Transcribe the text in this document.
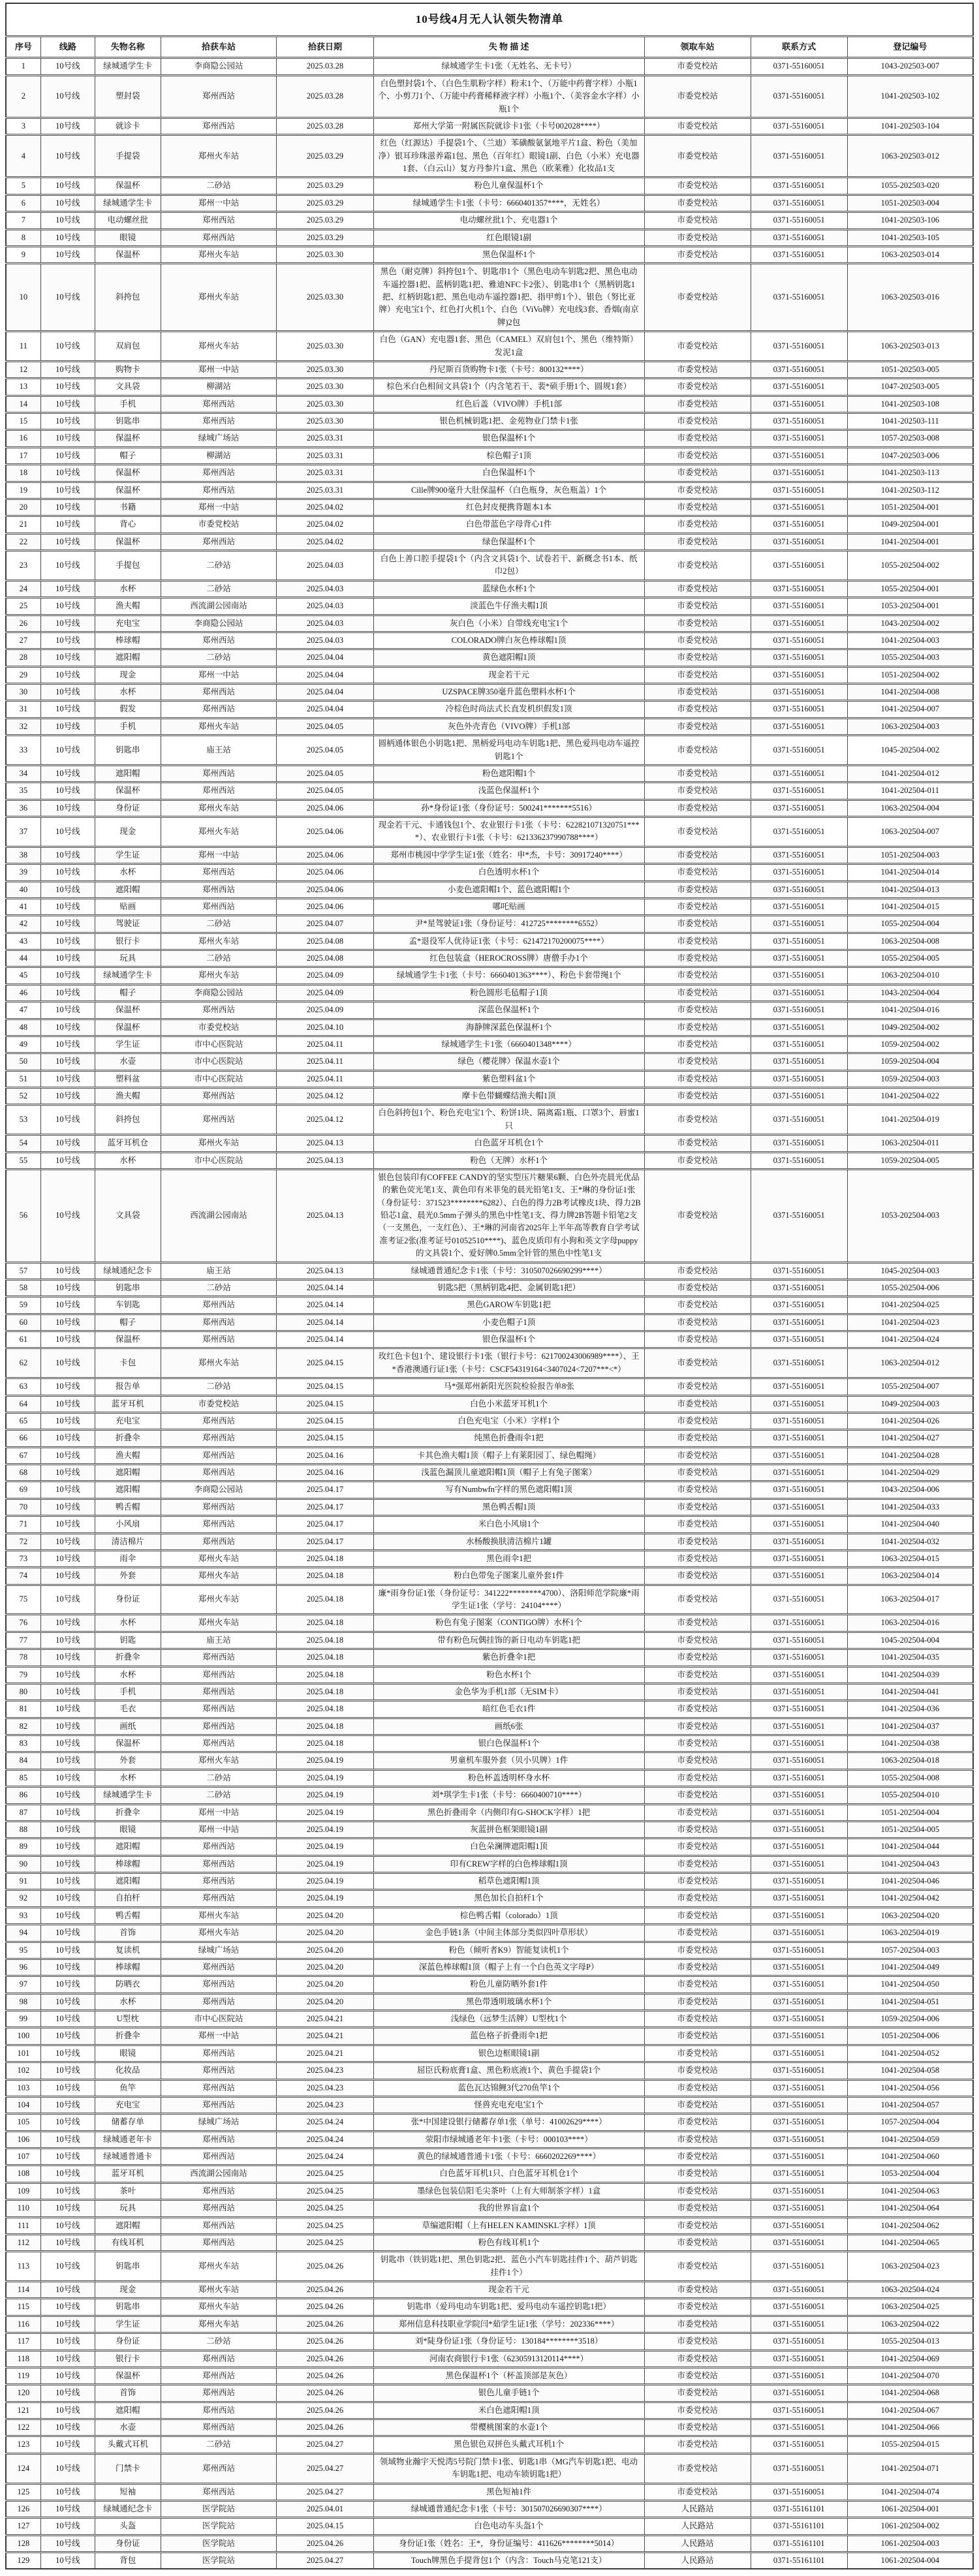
10号线4月无人认领失物清单								
序号	线路	失物名称	拾获车站	拾获日期	失 物 描 述	领取车站	联系方式	登记编号
1	10号线	绿城通学生卡	李商隐公园站	2025.03.28	绿城通学生卡1张（无姓名、无卡号）	市委党校站	0371-55160051	1043-202503-007
2	10号线	塑封袋	郑州西站	2025.03.28	白色塑封袋1个、（白色生肌粉字样）粉末1个、（万能中药膏字样）小瓶1个、小剪刀1个、（万能中药膏稀释液字样）小瓶1个、（美容金水字样）小瓶1个	市委党校站	0371-55160051	1041-202503-102
3	10号线	就诊卡	郑州西站	2025.03.28	郑州大学第一附属医院就诊卡1张（卡号002028****）	市委党校站	0371-55160051	1041-202503-104
4	10号线	手提袋	郑州火车站	2025.03.29	红色（红源达）手提袋1个、（兰迪）苯磺酸氨氯地平片1盒、粉色（美加净）银耳珍珠滋养霜1包、黑色（百年红）眼镜1副、白色（小米）充电器1套、（白云山）复方丹参片1盒、黑色（欧莱雅）化妆品1支	市委党校站	0371-55160051	1063-202503-012
5	10号线	保温杯	二砂站	2025.03.29	粉色儿童保温杯1个	市委党校站	0371-55160051	1055-202503-020
6	10号线	绿城通学生卡	郑州一中站	2025.03.29	绿城通学生卡1张（卡号：6660401357****，无姓名）	市委党校站	0371-55160051	1051-202503-004
7	10号线	电动螺丝批	郑州西站	2025.03.29	电动螺丝批1个、充电器1个	市委党校站	0371-55160051	1041-202503-106
8	10号线	眼镜	郑州西站	2025.03.29	红色眼镜1副	市委党校站	0371-55160051	1041-202503-105
9	10号线	保温杯	郑州火车站	2025.03.30	黑色保温杯1个	市委党校站	0371-55160051	1063-202503-014
10	10号线	斜挎包	郑州火车站	2025.03.30	黑色（耐克牌）斜挎包1个、钥匙串1个（黑色电动车钥匙2把、黑色电动车遥控器1把、蓝柄钥匙1把、雅迪NFC卡2张）、钥匙串1个（黑柄钥匙1把、红柄钥匙1把、黑色电动车遥控器1把、指甲剪1个）、银色（努比亚牌）充电宝1个、红色打火机1个、白色（ViVo牌）充电线3套、香烟(南京牌)2包	市委党校站	0371-55160051	1063-202503-016
11	10号线	双肩包	郑州火车站	2025.03.30	白色（GAN）充电器1套、黑色（CAMEL）双肩包1个、黑色（维特斯）发泥1盒	市委党校站	0371-55160051	1063-202503-013
12	10号线	购物卡	郑州一中站	2025.03.30	丹尼斯百货购物卡1张（卡号：800132****）	市委党校站	0371-55160051	1051-202503-005
13	10号线	文具袋	柳湖站	2025.03.30	棕色米白色相间文具袋1个（内含笔若干、裴*硕手册1个、圆规1套）	市委党校站	0371-55160051	1047-202503-005
14	10号线	手机	郑州西站	2025.03.30	红色后盖（VIVO牌）手机1部	市委党校站	0371-55160051	1041-202503-108
15	10号线	钥匙串	郑州西站	2025.03.30	银色机械钥匙1把、金苑物业门禁卡1张	市委党校站	0371-55160051	1041-202503-111
16	10号线	保温杯	绿城广场站	2025.03.31	银色保温杯1个	市委党校站	0371-55160051	1057-202503-008
17	10号线	帽子	柳湖站	2025.03.31	棕色帽子1顶	市委党校站	0371-55160051	1047-202503-006
18	10号线	保温杯	郑州西站	2025.03.31	白色保温杯1个	市委党校站	0371-55160051	1041-202503-113
19	10号线	保温杯	郑州西站	2025.03.31	Cille牌900毫升大肚保温杯（白色瓶身，灰色瓶盖）1个	市委党校站	0371-55160051	1041-202503-112
20	10号线	书籍	郑州一中站	2025.04.02	红色封皮便携背题本1本	市委党校站	0371-55160051	1051-202504-001
21	10号线	背心	市委党校站	2025.04.02	白色带蓝色字母背心1件	市委党校站	0371-55160051	1049-202504-001
22	10号线	保温杯	郑州西站	2025.04.02	绿色保温杯1个	市委党校站	0371-55160051	1041-202504-001
23	10号线	手提包	二砂站	2025.04.03	白色上善口腔手提袋1个（内含文具袋1个、试卷若干、新概念书1本、纸巾2包）	市委党校站	0371-55160051	1055-202504-002
24	10号线	水杯	二砂站	2025.04.03	蓝绿色水杯1个	市委党校站	0371-55160051	1055-202504-001
25	10号线	渔夫帽	西流湖公园南站	2025.04.03	淡蓝色牛仔渔夫帽1顶	市委党校站	0371-55160051	1053-202504-001
26	10号线	充电宝	李商隐公园站	2025.04.03	灰白色（小米）自带线充电宝1个	市委党校站	0371-55160051	1043-202504-002
27	10号线	棒球帽	郑州西站	2025.04.03	COLORADO牌白灰色棒球帽1顶	市委党校站	0371-55160051	1041-202504-003
28	10号线	遮阳帽	二砂站	2025.04.04	黄色遮阳帽1顶	市委党校站	0371-55160051	1055-202504-003
29	10号线	现金	郑州一中站	2025.04.04	现金若干元	市委党校站	0371-55160051	1051-202504-002
30	10号线	水杯	郑州西站	2025.04.04	UZSPACE牌350毫升蓝色塑料水杯1个	市委党校站	0371-55160051	1041-202504-008
31	10号线	假发	郑州西站	2025.04.04	冷棕色时尚法式长直发机织假发1顶	市委党校站	0371-55160051	1041-202504-007
32	10号线	手机	郑州火车站	2025.04.05	灰色外壳青色（VIVO牌）手机1部	市委党校站	0371-55160051	1063-202504-003
33	10号线	钥匙串	庙王站	2025.04.05	圆柄通体银色小钥匙1把、黑柄爱玛电动车钥匙1把、黑色爱玛电动车遥控钥匙1个	市委党校站	0371-55160051	1045-202504-002
34	10号线	遮阳帽	郑州西站	2025.04.05	粉色遮阳帽1个	市委党校站	0371-55160051	1041-202504-012
35	10号线	保温杯	郑州西站	2025.04.05	浅蓝色保温杯1个	市委党校站	0371-55160051	1041-202504-011
36	10号线	身份证	郑州火车站	2025.04.06	孙*身份证1张（身份证号：500241*******5516）	市委党校站	0371-55160051	1063-202504-004
37	10号线	现金	郑州火车站	2025.04.06	现金若干元、卡通钱包1个、农业银行卡1张（卡号：622821071320751****）、农业银行卡1张（卡号：621336237990788****）	市委党校站	0371-55160051	1063-202504-007
38	10号线	学生证	郑州一中站	2025.04.06	郑州市桃园中学学生证1张（姓名：申*杰，卡号：30917240****）	市委党校站	0371-55160051	1051-202504-003
39	10号线	水杯	郑州西站	2025.04.06	白色透明水杯1个	市委党校站	0371-55160051	1041-202504-014
40	10号线	遮阳帽	郑州西站	2025.04.06	小麦色遮阳帽1个、蓝色遮阳帽1个	市委党校站	0371-55160051	1041-202504-013
41	10号线	贴画	郑州西站	2025.04.06	哪吒贴画	市委党校站	0371-55160051	1041-202504-015
42	10号线	驾驶证	二砂站	2025.04.07	尹*星驾驶证1张（身份证号：412725********6552）	市委党校站	0371-55160051	1055-202504-004
43	10号线	银行卡	郑州火车站	2025.04.08	孟*退役军人优待证1张（卡号：621472170200075****）	市委党校站	0371-55160051	1063-202504-008
44	10号线	玩具	二砂站	2025.04.08	红色包装盒（HEROCROSS牌）唐僧手办1个	市委党校站	0371-55160051	1055-202504-005
45	10号线	绿城通学生卡	郑州火车站	2025.04.09	绿城通学生卡1张（卡号：6660401363****）、粉色卡套带绳1个	市委党校站	0371-55160051	1063-202504-010
46	10号线	帽子	李商隐公园站	2025.04.09	粉色圆形毛毡帽子1顶	市委党校站	0371-55160051	1043-202504-004
47	10号线	保温杯	郑州西站	2025.04.09	深蓝色保温杯1个	市委党校站	0371-55160051	1041-202504-016
48	10号线	保温杯	市委党校站	2025.04.10	海静牌深蓝色保温杯1个	市委党校站	0371-55160051	1049-202504-002
49	10号线	学生证	市中心医院站	2025.04.11	绿城通学生卡1张（6660401348****）	市委党校站	0371-55160051	1059-202504-002
50	10号线	水壶	市中心医院站	2025.04.11	绿色（樱花牌）保温水壶1个	市委党校站	0371-55160051	1059-202504-004
51	10号线	塑料盆	市中心医院站	2025.04.11	紫色塑料盆1个	市委党校站	0371-55160051	1059-202504-003
52	10号线	渔夫帽	郑州西站	2025.04.12	摩卡色带蝴蝶结渔夫帽1顶	市委党校站	0371-55160051	1041-202504-022
53	10号线	斜挎包	郑州西站	2025.04.12	白色斜挎包1个、粉色充电宝1个、粉饼1块、隔离霜1瓶、口罩3个、唇蜜1只	市委党校站	0371-55160051	1041-202504-019
54	10号线	蓝牙耳机仓	郑州火车站	2025.04.13	白色蓝牙耳机仓1个	市委党校站	0371-55160051	1063-202504-011
55	10号线	水杯	市中心医院站	2025.04.13	粉色（无牌）水杯1个	市委党校站	0371-55160051	1059-202504-005
56	10号线	文具袋	西流湖公园南站	2025.04.13	银色包装印有COFFEE CANDY的坚实型压片糖果6颗、白色外壳晨光优品的紫色荧光笔1支、黄色印有米菲兔的晨光铅笔1支、王*琳的身份证1张（身份证号：371523********6282）、白色的得力2B考试橡皮1块、得力2B铅芯1盒、晨光0.5mm子弹头的黑色中性笔1支、得力牌2B答题卡铅笔2支（一支黑色，一支红色）、王*琳的河南省2025年上半年高等教育自学考试准考证2张(准考证号01052510****)、蓝色皮质印有小狗和英文字母puppy的文具袋1个、爱好牌0.5mm全针管的黑色中性笔1支	市委党校站	0371-55160051	1053-202504-003
57	10号线	绿城通纪念卡	庙王站	2025.04.13	绿城通普通纪念卡1张（卡号：310507026690299****）	市委党校站	0371-55160051	1045-202504-003
58	10号线	钥匙串	二砂站	2025.04.14	钥匙5把（黑柄钥匙4把、金属钥匙1把）	市委党校站	0371-55160051	1055-202504-006
59	10号线	车钥匙	郑州西站	2025.04.14	黑色GAROW车钥匙1把	市委党校站	0371-55160051	1041-202504-025
60	10号线	帽子	郑州西站	2025.04.14	小麦色帽子1顶	市委党校站	0371-55160051	1041-202504-023
61	10号线	保温杯	郑州西站	2025.04.14	银色保温杯1个	市委党校站	0371-55160051	1041-202504-024
62	10号线	卡包	郑州火车站	2025.04.15	玫红色卡包1个、建设银行卡1张（银行卡号：621700243006989****）、王*香港澳通行证1张（卡号：CSCF54319164<3407024<7207***<*）	市委党校站	0371-55160051	1063-202504-012
63	10号线	报告单	二砂站	2025.04.15	马*强郑州新阳光医院检验报告单8张	市委党校站	0371-55160051	1055-202504-007
64	10号线	蓝牙耳机	市委党校站	2025.04.15	白色小米蓝牙耳机1个	市委党校站	0371-55160051	1049-202504-003
65	10号线	充电宝	郑州西站	2025.04.15	白色充电宝（小米）字样1个	市委党校站	0371-55160051	1041-202504-026
66	10号线	折叠伞	郑州西站	2025.04.15	纯黑色折叠雨伞1把	市委党校站	0371-55160051	1041-202504-027
67	10号线	渔夫帽	郑州西站	2025.04.16	卡其色渔夫帽1顶（帽子上有莱阳园丁、绿色帽绳）	市委党校站	0371-55160051	1041-202504-028
68	10号线	遮阳帽	郑州西站	2025.04.16	浅蓝色漏顶儿童遮阳帽1顶（帽子上有兔子图案）	市委党校站	0371-55160051	1041-202504-029
69	10号线	遮阳帽	李商隐公园站	2025.04.17	写有Numbwfn字样的黑色遮阳帽1顶	市委党校站	0371-55160051	1043-202504-006
70	10号线	鸭舌帽	郑州西站	2025.04.17	黑色鸭舌帽1顶	市委党校站	0371-55160051	1041-202504-033
71	10号线	小风扇	郑州西站	2025.04.17	米白色小风扇1个	市委党校站	0371-55160051	1041-202504-040
72	10号线	清洁棉片	郑州西站	2025.04.17	水杨酸换肤清洁棉片1罐	市委党校站	0371-55160051	1041-202504-032
73	10号线	雨伞	郑州火车站	2025.04.18	黑色雨伞1把	市委党校站	0371-55160051	1063-202504-015
74	10号线	外套	郑州火车站	2025.04.18	粉白色带兔子图案儿童外套1件	市委党校站	0371-55160051	1063-202504-014
75	10号线	身份证	郑州火车站	2025.04.18	廉*雨身份证1张（身份证号：341222********4700）、洛阳师范学院廉*雨学生证1张（学号：24104****）	市委党校站	0371-55160051	1063-202504-017
76	10号线	水杯	郑州火车站	2025.04.18	粉色有兔子图案（CONTIGO牌）水杯1个	市委党校站	0371-55160051	1063-202504-016
77	10号线	钥匙	庙王站	2025.04.18	带有粉色玩偶挂饰的新日电动车钥匙1把	市委党校站	0371-55160051	1045-202504-004
78	10号线	折叠伞	郑州西站	2025.04.18	紫色折叠伞1把	市委党校站	0371-55160051	1041-202504-035
79	10号线	水杯	郑州西站	2025.04.18	粉色水杯1个	市委党校站	0371-55160051	1041-202504-039
80	10号线	手机	郑州西站	2025.04.18	金色华为手机1部（无SIM卡）	市委党校站	0371-55160051	1041-202504-041
81	10号线	毛衣	郑州西站	2025.04.18	暗红色毛衣1件	市委党校站	0371-55160051	1041-202504-036
82	10号线	画纸	郑州西站	2025.04.18	画纸6张	市委党校站	0371-55160051	1041-202504-037
83	10号线	保温杯	郑州西站	2025.04.18	银白色保温杯1个	市委党校站	0371-55160051	1041-202504-038
84	10号线	外套	郑州火车站	2025.04.19	男童机车服外套（贝小贝牌）1件	市委党校站	0371-55160051	1063-202504-018
85	10号线	水杯	二砂站	2025.04.19	粉色杯盖透明杯身水杯	市委党校站	0371-55160051	1055-202504-008
86	10号线	绿城通学生卡	二砂站	2025.04.19	刘*琪学生卡1张（卡号：6660400710****）	市委党校站	0371-55160051	1055-202504-010
87	10号线	折叠伞	郑州一中站	2025.04.19	黑色折叠雨伞（内侧印有G-SHOCK字样）1把	市委党校站	0371-55160051	1051-202504-004
88	10号线	眼镜	郑州一中站	2025.04.19	灰蓝拼色框架眼镜1副	市委党校站	0371-55160051	1051-202504-005
89	10号线	遮阳帽	郑州西站	2025.04.19	白色朵澜牌遮阳帽1顶	市委党校站	0371-55160051	1041-202504-044
90	10号线	棒球帽	郑州西站	2025.04.19	印有CREW字样的白色棒球帽1顶	市委党校站	0371-55160051	1041-202504-043
91	10号线	遮阳帽	郑州西站	2025.04.19	稻草色遮阳帽1顶	市委党校站	0371-55160051	1041-202504-046
92	10号线	自拍杆	郑州西站	2025.04.19	黑色加长自拍杆1个	市委党校站	0371-55160051	1041-202504-042
93	10号线	鸭舌帽	郑州火车站	2025.04.20	棕色鸭舌帽（colorado）1顶	市委党校站	0371-55160051	1063-202504-020
94	10号线	首饰	郑州火车站	2025.04.20	金色手链1条（中间主体部分类似四叶草形状）	市委党校站	0371-55160051	1063-202504-019
95	10号线	复读机	绿城广场站	2025.04.20	粉色（倾听者K9）智能复读机1个	市委党校站	0371-55160051	1057-202504-003
96	10号线	棒球帽	郑州西站	2025.04.20	深蓝色棒球帽1顶（帽子上有一个白色英文字母P）	市委党校站	0371-55160051	1041-202504-049
97	10号线	防晒衣	郑州西站	2025.04.20	粉色儿童防晒外套1件	市委党校站	0371-55160051	1041-202504-050
98	10号线	水杯	郑州西站	2025.04.20	黑色带透明玻璃水杯1个	市委党校站	0371-55160051	1041-202504-051
99	10号线	U型枕	市中心医院站	2025.04.21	浅绿色（远梦生活牌）U型枕1个	市委党校站	0371-55160051	1059-202504-006
100	10号线	折叠伞	郑州一中站	2025.04.21	蓝色格子折叠雨伞1把	市委党校站	0371-55160051	1051-202504-006
101	10号线	眼镜	郑州西站	2025.04.21	银色边框眼镜1副	市委党校站	0371-55160051	1041-202504-052
102	10号线	化妆品	郑州西站	2025.04.23	屈臣氏粉底膏1盒、黑色粉底液1个、黄色手提袋1个	市委党校站	0371-55160051	1041-202504-058
103	10号线	鱼竿	郑州西站	2025.04.23	蓝色瓦达锦鲤3代270鱼竿1个	市委党校站	0371-55160051	1041-202504-056
104	10号线	充电宝	郑州西站	2025.04.23	怪兽充电充电宝1个	市委党校站	0371-55160051	1041-202504-057
105	10号线	储蓄存单	绿城广场站	2025.04.24	张*中国建设银行储蓄存单1张（单号：41002629****）	市委党校站	0371-55160051	1057-202504-004
106	10号线	绿城通老年卡	郑州西站	2025.04.24	荥阳市绿城通老年卡1张（卡号：000103****）	市委党校站	0371-55160051	1041-202504-059
107	10号线	绿城通普通卡	郑州西站	2025.04.24	黄色的绿城通普通卡1张（卡号：6660202269****）	市委党校站	0371-55160051	1041-202504-060
108	10号线	蓝牙耳机	西流湖公园南站	2025.04.25	白色蓝牙耳机1只、白色蓝牙耳机仓1个	市委党校站	0371-55160051	1053-202504-004
109	10号线	茶叶	郑州西站	2025.04.25	墨绿色包装信阳毛尖茶叶（上有大师制茶字样）1盒	市委党校站	0371-55160051	1041-202504-063
110	10号线	玩具	郑州西站	2025.04.25	我的世界盲盒1个	市委党校站	0371-55160051	1041-202504-064
111	10号线	遮阳帽	郑州西站	2025.04.25	草编遮阳帽（上有HELEN KAMINSKL字样）1顶	市委党校站	0371-55160051	1041-202504-062
112	10号线	有线耳机	郑州西站	2025.04.25	粉色有线耳机1个	市委党校站	0371-55160051	1041-202504-065
113	10号线	钥匙串	郑州火车站	2025.04.26	钥匙串（铁钥匙1把、黑色钥匙2把、蓝色小汽车钥匙挂件1个、葫芦钥匙挂件1个）	市委党校站	0371-55160051	1063-202504-023
114	10号线	现金	郑州火车站	2025.04.26	现金若干元	市委党校站	0371-55160051	1063-202504-024
115	10号线	钥匙串	郑州火车站	2025.04.26	钥匙串（爱玛电动车钥匙1把、爱玛电动车遥控钥匙1把）	市委党校站	0371-55160051	1063-202504-025
116	10号线	学生证	郑州火车站	2025.04.26	郑州信息科技职业学院闫*茹学生证1张（学号：202336****）	市委党校站	0371-55160051	1063-202504-022
117	10号线	身份证	二砂站	2025.04.26	刘*陡身份证1张（身份证号：130184********3518）	市委党校站	0371-55160051	1055-202504-013
118	10号线	银行卡	郑州西站	2025.04.26	河南农商银行卡1张（62305913120114****）	市委党校站	0371-55160051	1041-202504-069
119	10号线	保温杯	郑州西站	2025.04.26	黑色保温杯1个（杯盖顶部是灰色）	市委党校站	0371-55160051	1041-202504-070
120	10号线	首饰	郑州西站	2025.04.26	银色儿童手链1个	市委党校站	0371-55160051	1041-202504-068
121	10号线	遮阳帽	郑州西站	2025.04.26	米白色遮阳帽1顶	市委党校站	0371-55160051	1041-202504-067
122	10号线	水壶	郑州西站	2025.04.26	带樱桃图案的水壶1个	市委党校站	0371-55160051	1041-202504-066
123	10号线	头戴式耳机	二砂站	2025.04.27	黑色银色双拼色头戴式耳机1个	市委党校站	0371-55160051	1055-202504-015
124	10号线	门禁卡	郑州西站	2025.04.27	领域物业瀚宇天悦湾5号院门禁卡1张、钥匙1串（MG汽车钥匙1把、电动车钥匙1把、电动车锁钥匙1把）	市委党校站	0371-55160051	1041-202504-071
125	10号线	短袖	郑州西站	2025.04.27	黑色短袖1件	市委党校站	0371-55160051	1041-202504-074
126	10号线	绿城通纪念卡	医学院站	2025.04.01	绿城通普通纪念卡1张（卡号：301507026690307****）	人民路站	0371-55161101	1061-202504-001
127	10号线	头盔	医学院站	2025.04.15	白色电动车头盔1个	人民路站	0371-55161101	1061-202504-002
128	10号线	身份证	医学院站	2025.04.26	身份证1张（姓名：王*，身份证编号：411626********5014）	人民路站	0371-55161101	1061-202504-003
129	10号线	背包	医学院站	2025.04.27	Touch牌黑色手提背包1个（内含：Touch马克笔121支）	人民路站	0371-55161101	1061-202504-004
